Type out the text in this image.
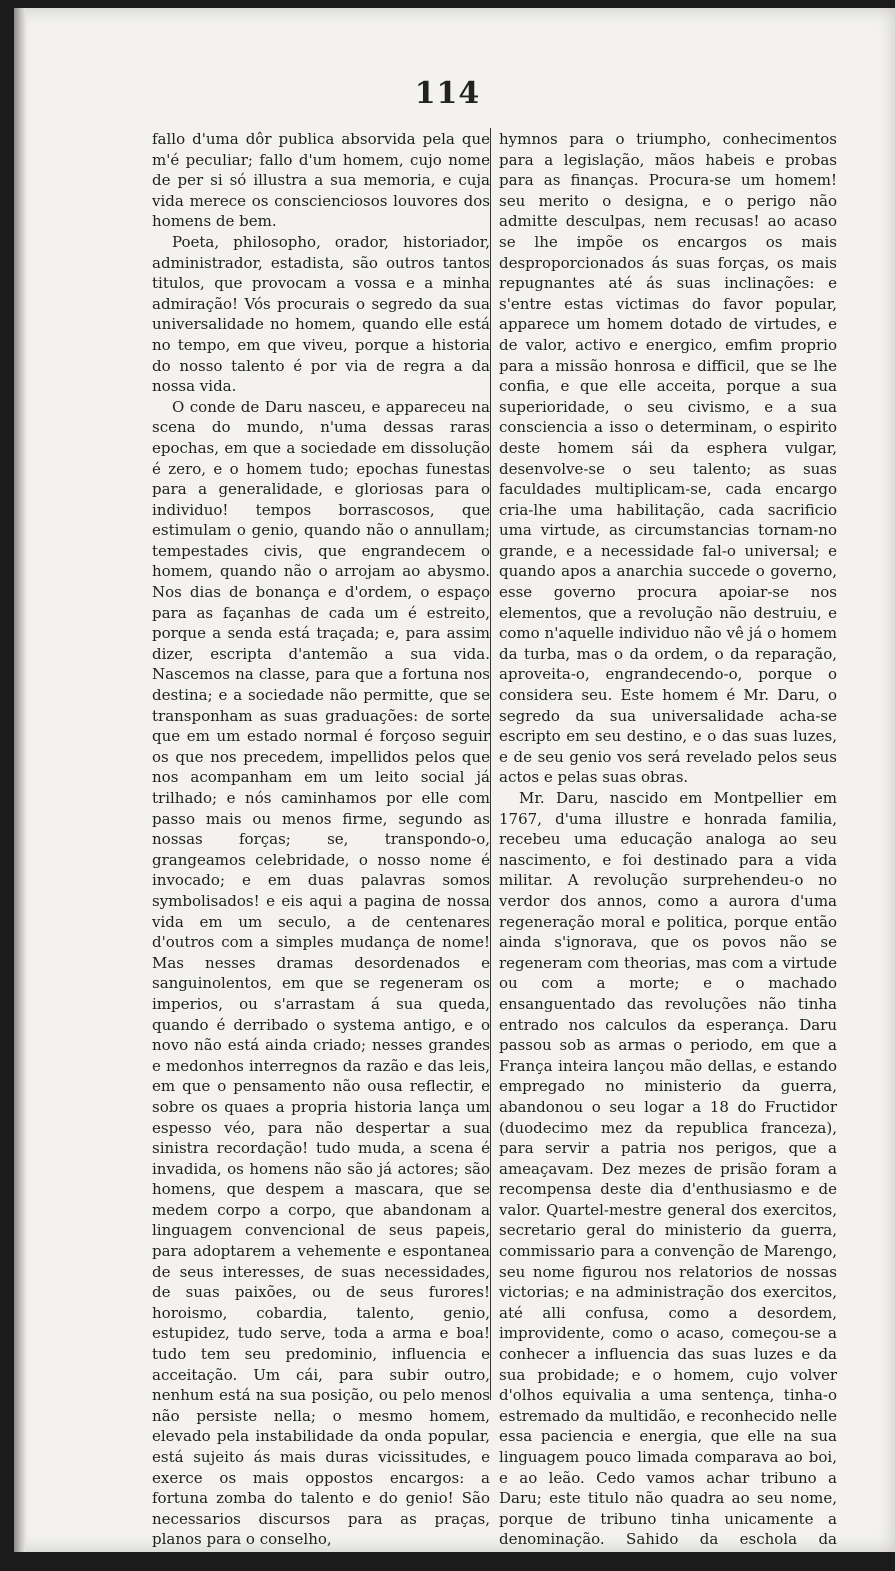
114

fallo d'uma dôr publica absorvida pela que m'é peculiar; fallo d'um homem, cujo nome de per si só illustra a sua memoria, e cuja vida merece os conscienciosos louvores dos homens de bem.

Poeta, philosopho, orador, historiador, administrador, estadista, são outros tantos titulos, que provocam a vossa e a minha admiração! Vós procurais o segredo da sua universalidade no homem, quando elle está no tempo, em que viveu, porque a historia do nosso talento é por via de regra a da nossa vida.

O conde de Daru nasceu, e appareceu na scena do mundo, n'uma dessas raras epochas, em que a sociedade em dissolução é zero, e o homem tudo; epochas funestas para a generalidade, e gloriosas para o individuo! tempos borrascosos, que estimulam o genio, quando não o annullam; tempestades civis, que engrandecem o homem, quando não o arrojam ao abysmo. Nos dias de bonança e d'ordem, o espaço para as façanhas de cada um é estreito, porque a senda está traçada; e, para assim dizer, escripta d'antemão a sua vida. Nascemos na classe, para que a fortuna nos destina; e a sociedade não permitte, que se transponham as suas graduações: de sorte que em um estado normal é forçoso seguir os que nos precedem, impellidos pelos que nos acompanham em um leito social já trilhado; e nós caminhamos por elle com passo mais ou menos firme, segundo as nossas forças; se, transpondo-o, grangeamos celebridade, o nosso nome é invocado; e em duas palavras somos symbolisados! e eis aqui a pagina de nossa vida em um seculo, a de centenares d'outros com a simples mudança de nome! Mas nesses dramas desordenados e sanguinolentos, em que se regeneram os imperios, ou s'arrastam á sua queda, quando é derribado o systema antigo, e o novo não está ainda criado; nesses grandes e medonhos interregnos da razão e das leis, em que o pensamento não ousa reflectir, e sobre os quaes a propria historia lança um espesso véo, para não despertar a sua sinistra recordação! tudo muda, a scena é invadida, os homens não são já actores; são homens, que despem a mascara, que se medem corpo a corpo, que abandonam a linguagem convencional de seus papeis, para adoptarem a vehemente e espontanea de seus interesses, de suas necessidades, de suas paixões, ou de seus furores! horoismo, cobardia, talento, genio, estupidez, tudo serve, toda a arma e boa! tudo tem seu predominio, influencia e acceitação. Um cái, para subir outro, nenhum está na sua posição, ou pelo menos não persiste nella; o mesmo homem, elevado pela instabilidade da onda popular, está sujeito ás mais duras vicissitudes, e exerce os mais oppostos encargos: a fortuna zomba do talento e do genio! São necessarios discursos para as praças, planos para o conselho,

hymnos para o triumpho, conhecimentos para a legislação, mãos habeis e probas para as finanças. Procura-se um homem! seu merito o designa, e o perigo não admitte desculpas, nem recusas! ao acaso se lhe impõe os encargos os mais desproporcionados ás suas forças, os mais repugnantes até ás suas inclinações: e s'entre estas victimas do favor popular, apparece um homem dotado de virtudes, e de valor, activo e energico, emfim proprio para a missão honrosa e difficil, que se lhe confia, e que elle acceita, porque a sua superioridade, o seu civismo, e a sua consciencia a isso o determinam, o espirito deste homem sái da esphera vulgar, desenvolve-se o seu talento; as suas faculdades multiplicam-se, cada encargo cria-lhe uma habilitação, cada sacrificio uma virtude, as circumstancias tornam-no grande, e a necessidade fal-o universal; e quando apos a anarchia succede o governo, esse governo procura apoiar-se nos elementos, que a revolução não destruiu, e como n'aquelle individuo não vê já o homem da turba, mas o da ordem, o da reparação, aproveita-o, engrandecendo-o, porque o considera seu. Este homem é Mr. Daru, o segredo da sua universalidade acha-se escripto em seu destino, e o das suas luzes, e de seu genio vos será revelado pelos seus actos e pelas suas obras.

Mr. Daru, nascido em Montpellier em 1767, d'uma illustre e honrada familia, recebeu uma educação analoga ao seu nascimento, e foi destinado para a vida militar. A revolução surprehendeu-o no verdor dos annos, como a aurora d'uma regeneração moral e politica, porque então ainda s'ignorava, que os povos não se regeneram com theorias, mas com a virtude ou com a morte; e o machado ensanguentado das revoluções não tinha entrado nos calculos da esperança. Daru passou sob as armas o periodo, em que a França inteira lançou mão dellas, e estando empregado no ministerio da guerra, abandonou o seu logar a 18 do Fructidor (duodecimo mez da republica franceza), para servir a patria nos perigos, que a ameaçavam. Dez mezes de prisão foram a recompensa deste dia d'enthusiasmo e de valor. Quartel-mestre general dos exercitos, secretario geral do ministerio da guerra, commissario para a convenção de Marengo, seu nome figurou nos relatorios de nossas victorias; e na administração dos exercitos, até alli confusa, como a desordem, improvidente, como o acaso, começou-se a conhecer a influencia das suas luzes e da sua probidade; e o homem, cujo volver d'olhos equivalia a uma sentença, tinha-o estremado da multidão, e reconhecido nelle essa paciencia e energia, que elle na sua linguagem pouco limada comparava ao boi, e ao leão. Cedo vamos achar tribuno a Daru; este titulo não quadra ao seu nome, porque de tribuno tinha unicamente a denominação. Sahido da eschola da anarchia,
